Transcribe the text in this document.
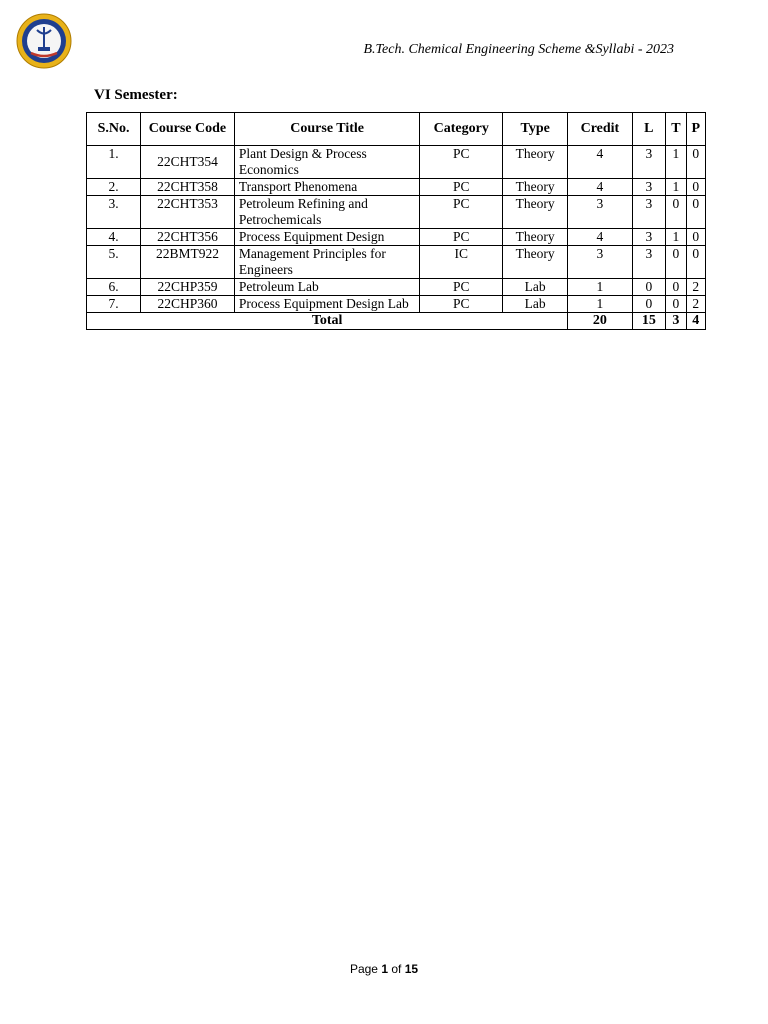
B.Tech. Chemical Engineering Scheme &Syllabi - 2023
VI Semester:
S.No.	Course Code	Course Title	Category	Type	Credit	L	T	P
1.	22CHT354	Plant Design & Process Economics	PC	Theory	4	3	1	0
2.	22CHT358	Transport Phenomena	PC	Theory	4	3	1	0
3.	22CHT353	Petroleum Refining and Petrochemicals	PC	Theory	3	3	0	0
4.	22CHT356	Process Equipment Design	PC	Theory	4	3	1	0
5.	22BMT922	Management Principles for Engineers	IC	Theory	3	3	0	0
6.	22CHP359	Petroleum Lab	PC	Lab	1	0	0	2
7.	22CHP360	Process Equipment Design Lab	PC	Lab	1	0	0	2
Total					20	15	3	4
Page 1 of 15
